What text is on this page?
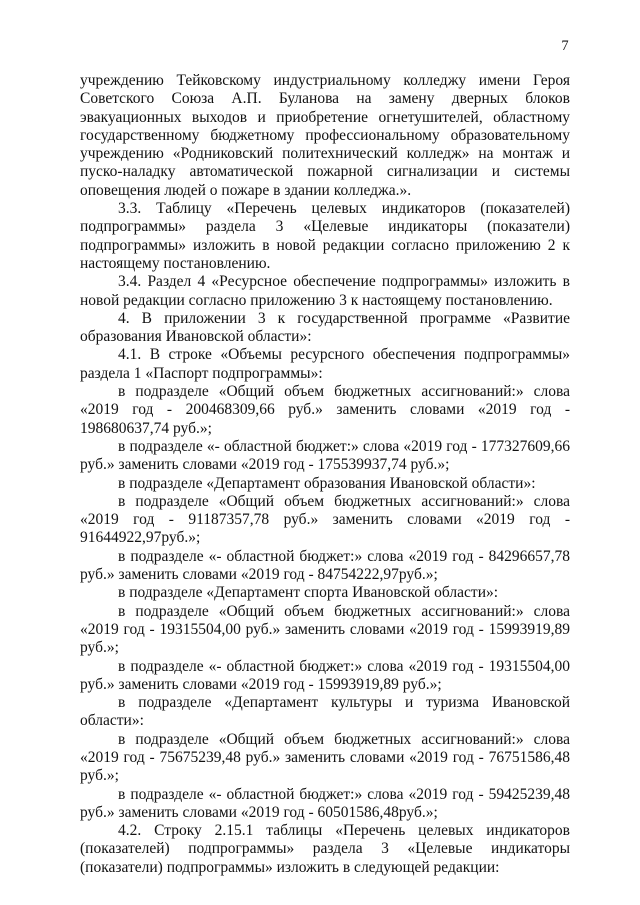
7

учреждению Тейковскому индустриальному колледжу имени Героя Советского Союза А.П. Буланова на замену дверных блоков эвакуационных выходов и приобретение огнетушителей, областному государственному бюджетному профессиональному образовательному учреждению «Родниковский политехнический колледж» на монтаж и пуско-наладку автоматической пожарной сигнализации и системы оповещения людей о пожаре в здании колледжа.».

3.3. Таблицу «Перечень целевых индикаторов (показателей) подпрограммы» раздела 3 «Целевые индикаторы (показатели) подпрограммы» изложить в новой редакции согласно приложению 2 к настоящему постановлению.

3.4. Раздел 4 «Ресурсное обеспечение подпрограммы» изложить в новой редакции согласно приложению 3 к настоящему постановлению.

4. В приложении 3 к государственной программе «Развитие образования Ивановской области»:

4.1. В строке «Объемы ресурсного обеспечения подпрограммы» раздела 1 «Паспорт подпрограммы»:

в подразделе «Общий объем бюджетных ассигнований:» слова «2019 год - 200468309,66 руб.» заменить словами «2019 год - 198680637,74 руб.»;

в подразделе «- областной бюджет:» слова «2019 год - 177327609,66 руб.» заменить словами «2019 год - 175539937,74 руб.»;

в подразделе «Департамент образования Ивановской области»:

в подразделе «Общий объем бюджетных ассигнований:» слова «2019 год - 91187357,78 руб.» заменить словами «2019 год - 91644922,97руб.»;

в подразделе «- областной бюджет:» слова «2019 год - 84296657,78 руб.» заменить словами «2019 год - 84754222,97руб.»;

в подразделе «Департамент спорта Ивановской области»:

в подразделе «Общий объем бюджетных ассигнований:» слова «2019 год - 19315504,00 руб.» заменить словами «2019 год - 15993919,89 руб.»;

в подразделе «- областной бюджет:» слова «2019 год - 19315504,00 руб.» заменить словами «2019 год - 15993919,89 руб.»;

в подразделе «Департамент культуры и туризма Ивановской области»:

в подразделе «Общий объем бюджетных ассигнований:» слова «2019 год - 75675239,48 руб.» заменить словами «2019 год - 76751586,48 руб.»;

в подразделе «- областной бюджет:» слова «2019 год - 59425239,48 руб.» заменить словами «2019 год - 60501586,48руб.»;

4.2. Строку 2.15.1 таблицы «Перечень целевых индикаторов (показателей) подпрограммы» раздела 3 «Целевые индикаторы (показатели) подпрограммы» изложить в следующей редакции:
